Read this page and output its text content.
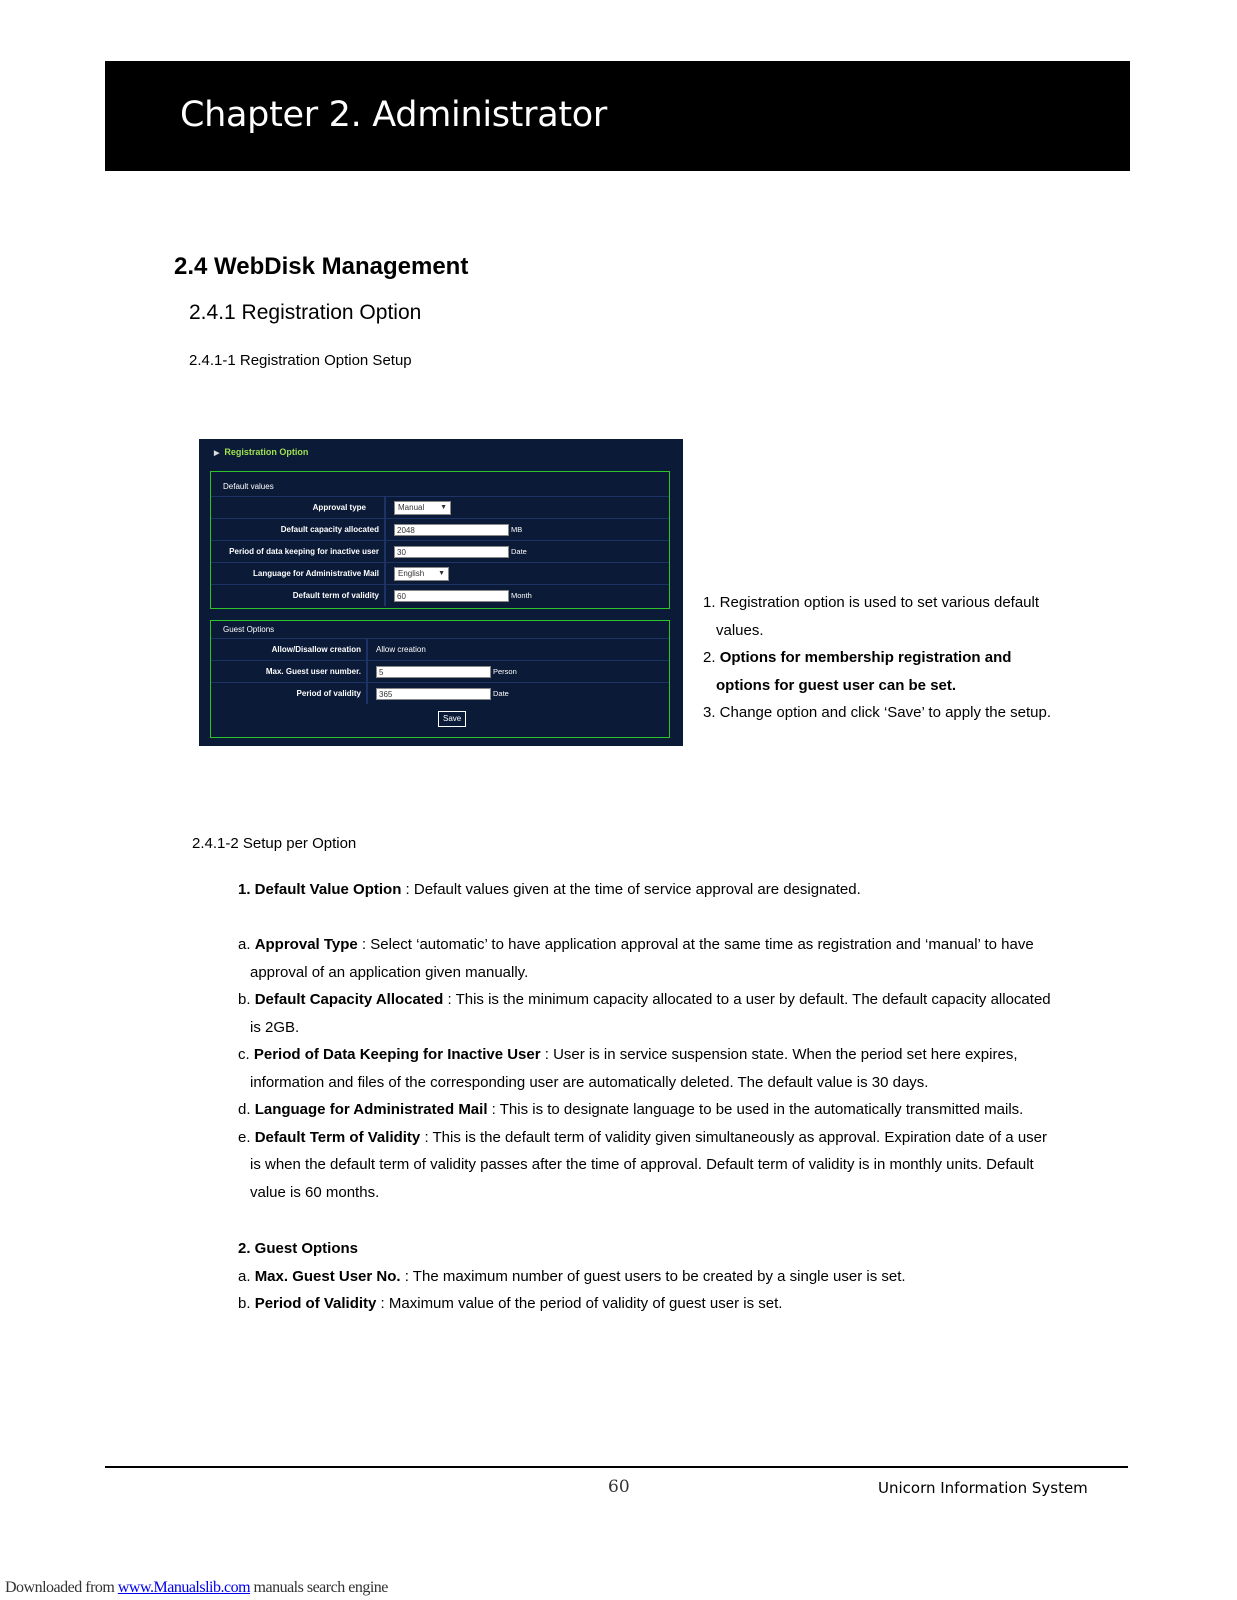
Chapter 2. Administrator
2.4 WebDisk Management
2.4.1 Registration Option
2.4.1-1 Registration Option Setup
▶ Registration Option
Default values
Approval type	Manual ▼
Default capacity allocated	2048	MB
Period of data keeping for inactive user	30	Date
Language for Administrative Mail	English ▼
Default term of validity	60	Month
Guest Options
Allow/Disallow creation	Allow creation
Max. Guest user number.	5	Person
Period of validity	365	Date
Save
1. Registration option is used to set various default
values.
2. Options for membership registration and
options for guest user can be set.
3. Change option and click ‘Save’ to apply the setup.
2.4.1-2 Setup per Option
1. Default Value Option : Default values given at the time of service approval are designated.
a. Approval Type : Select ‘automatic’ to have application approval at the same time as registration and ‘manual’ to have
approval of an application given manually.
b. Default Capacity Allocated : This is the minimum capacity allocated to a user by default. The default capacity allocated
is 2GB.
c. Period of Data Keeping for Inactive User : User is in service suspension state. When the period set here expires,
information and files of the corresponding user are automatically deleted. The default value is 30 days.
d. Language for Administrated Mail : This is to designate language to be used in the automatically transmitted mails.
e. Default Term of Validity : This is the default term of validity given simultaneously as approval. Expiration date of a user
is when the default term of validity passes after the time of approval. Default term of validity is in monthly units. Default
value is 60 months.
2. Guest Options
a. Max. Guest User No. : The maximum number of guest users to be created by a single user is set.
b. Period of Validity : Maximum value of the period of validity of guest user is set.
60	Unicorn Information System
Downloaded from www.Manualslib.com manuals search engine
